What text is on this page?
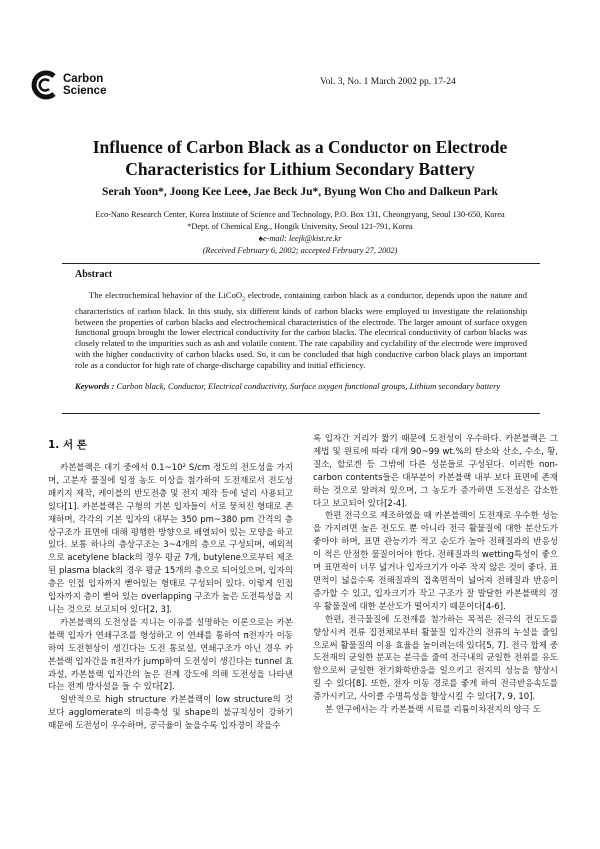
Carbon
Science
Vol. 3, No. 1 March 2002 pp. 17-24
Influence of Carbon Black as a Conductor on Electrode
Characteristics for Lithium Secondary Battery
Serah Yoon*, Joong Kee Lee♠, Jae Beck Ju*, Byung Won Cho and Dalkeun Park
Eco-Nano Research Center, Korea Institute of Science and Technology, P.O. Box 131, Cheongryang, Seoul 130-650, Korea
*Dept. of Chemical Eng., Hongik University, Seoul 121-791, Korea
♠e-mail: leejk@kist.re.kr
(Received February 6, 2002; accepted February 27, 2002)
Abstract
The electrochemical behavior of the LiCoO$_2$ electrode, containing carbon black as a conductor, depends upon the nature and characteristics of carbon black. In this study, six different kinds of carbon blacks were employed to investigate the relationship between the properties of carbon blacks and electrochemical characteristics of the electrode. The larger amount of surface oxygen functional groups brought the lower electrical conductivity for the carbon blacks. The electrical conductivity of carbon blacks was closely related to the impurities such as ash and volatile content. The rate capability and cyclability of the electrode were improved with the higher conductivity of carbon blacks used. So, it can be concluded that high conductive carbon black plays an important role as a conductor for high rate of charge-discharge capability and initial efficiency.
Keywords : Carbon black, Conductor, Electrical conductivity, Surface oxygen functional groups, Lithium secondary battery
1. 서 론

카본블랙은 대기 중에서 0.1~10² S/cm 정도의 전도성을 가지며, 고분자 물질에 일정 농도 이상을 첨가하여 도전재로서 전도성 패키지 제작, 케이블의 반도전층 및 전지 제작 등에 널리 사용되고 있다[1]. 카본블랙은 구형의 기본 입자들이 서로 뭉쳐진 형태로 존재하며, 각각의 기본 입자의 내부는 350 pm~380 pm 간격의 층상구조가 표면에 대해 평행한 방향으로 배열되어 있는 모양을 하고 있다. 보통 하나의 층상구조는 3~4개의 층으로 구성되며, 예외적으로 acetylene black의 경우 평균 7개, butylene으로부터 제조된 plasma black의 경우 평균 15개의 층으로 되어있으며, 입자의 층은 인접 입자까지 뻗어있는 형태로 구성되어 있다. 이렇게 인접입자까지 층이 뻗어 있는 overlapping 구조가 높은 도전특성을 지니는 것으로 보고되어 있다[2, 3].

카본블랙의 도전성을 지니는 이유를 설명하는 이론으로는 카본블랙 입자가 연쇄구조를 형성하고 이 연쇄를 통하여 π전자가 이동하여 도전현상이 생긴다는 도전 통로설, 연쇄구조가 아닌 경우 카본블랙 입자간을 π전자가 jump하여 도전성이 생긴다는 tunnel 효과설, 카본블랙 입자간의 높은 전계 강도에 의해 도전성을 나타낸다는 전계 방사설을 들 수 있다[2].

일반적으로 high structure 카본블랙이 low structure의 것보다 agglomerate의 비응축성 및 shape의 불규칙성이 강하기 때문에 도전성이 우수하며, 공극율이 높을수록 입자경이 작을수

록 입자간 거리가 짧기 때문에 도전성이 우수하다. 카본블랙은 그 제법 및 원료에 따라 대개 90~99 wt.%의 탄소와 산소, 수소, 황, 질소, 할로겐 등 그밖에 다른 성분들로 구성된다. 이러한 non-carbon contents들은 대부분이 카본블랙 내부 보다 표면에 존재하는 것으로 알려져 있으며, 그 농도가 증가하면 도전성은 감소한다고 보고되어 있다[2-4].

한편 전극으로 제조하였을 때 카본블랙이 도전재로 우수한 성능을 가지려면 높은 전도도 뿐 아니라 전극 활물질에 대한 분산도가 좋아야 하며, 표면 관능기가 적고 순도가 높아 전해질과의 반응성이 적은 안정한 물질이어야 한다. 전해질과의 wetting특성이 좋으며 표면적이 너무 넓거나 입자크기가 아주 작지 않은 것이 좋다. 표면적이 넓을수록 전해질과의 접촉면적이 넓어져 전해질과 반응이 증가할 수 있고, 입자크기가 작고 구조가 잘 발달한 카본블랙의 경우 활물질에 대한 분산도가 떨어지기 때문이다[4-6].

한편, 전극물질에 도전재를 첨가하는 목적은 전극의 전도도를 향상시켜 전류 집전체로부터 활물질 입자간의 전류의 누설을 줄임으로써 활물질의 이용 효율을 높이려는데 있다[5, 7]. 전극 합제 중 도전재의 균일한 분포는 분극을 줄여 전극내의 균일한 전위를 유도함으로써 균일한 전기화학반응을 일으키고 전지의 성능을 향상시킬 수 있다[8]. 또한, 전자 이동 경로를 좋게 하여 전극반응속도를 증가시키고, 사이클 수명특성을 향상시킬 수 있다[7, 9, 10].

본 연구에서는 각 카본블랙 시료를 리튬이차전지의 양극 도
